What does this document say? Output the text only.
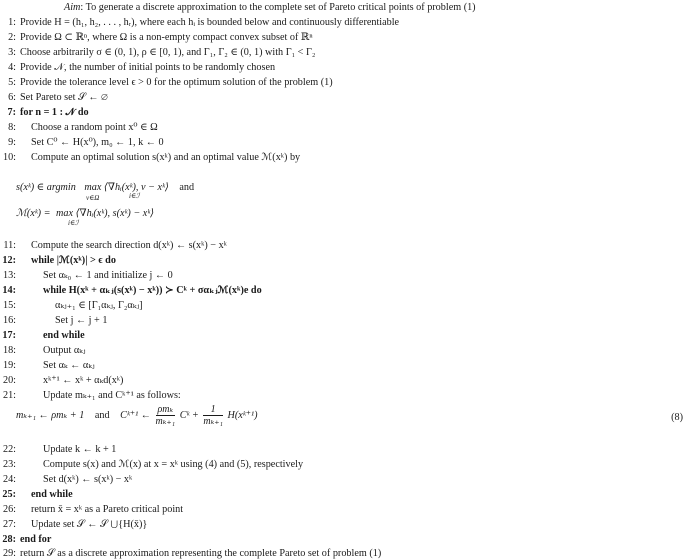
Aim: To generate a discrete approximation to the complete set of Pareto critical points of problem (1)
1: Provide H = (h₁, h₂, . . . , hᵣ), where each hᵢ is bounded below and continuously differentiable
2: Provide Ω ⊂ ℝⁿ, where Ω is a non-empty compact convex subset of ℝⁿ
3: Choose arbitrarily σ ∈ (0, 1), ρ ∈ [0, 1), and Γ₁, Γ₂ ∈ (0, 1) with Γ₁ < Γ₂
4: Provide 𝒩, the number of initial points to be randomly chosen
5: Provide the tolerance level ϵ > 0 for the optimum solution of the problem (1)
6: Set Pareto set 𝒮 ← ∅
7: for n = 1 : 𝒩 do
8: Choose a random point x⁰ ∈ Ω
9: Set C⁰ ← H(x⁰), m₀ ← 1, k ← 0
10: Compute an optimal solution s(xᵏ) and an optimal value ℳ(xᵏ) by
s(xᵏ) ∈ argmin
v∈Ω
max
i∈ℐ
⟨∇hᵢ(xᵏ), v − xᵏ⟩ and
ℳ(xᵏ) = max
i∈ℐ
⟨∇hᵢ(xᵏ), s(xᵏ) − xᵏ⟩
11: Compute the search direction d(xᵏ) ← s(xᵏ) − xᵏ
12: while |ℳ(xᵏ)| > ϵ do
13:	Set αₖ₀ ← 1 and initialize j ← 0
14:	while H(xᵏ + αₖⱼ(s(xᵏ) − xᵏ)) ≻ Cᵏ + σαₖⱼℳ(xᵏ)e do
15:	αₖⱼ₊₁ ∈ [Γ₁αₖⱼ, Γ₂αₖⱼ]
16:	Set j ← j + 1
17:	end while
18:	Output αₖⱼ
19:	Set αₖ ← αₖⱼ
20:	xᵏ⁺¹ ← xᵏ + αₖd(xᵏ)
21:	Update mₖ₊₁ and Cᵏ⁺¹ as follows:
mₖ₊₁ ← ρmₖ + 1 and Cᵏ⁺¹ ← $\frac{\text{ρmₖ}}{\text{mₖ₊₁}}$ Cᵏ + $\frac{1}{\text{mₖ₊₁}}$ H(xᵏ⁺¹)	(8)
22:	Update k ← k + 1
23:	Compute s(x) and ℳ(x) at x = xᵏ using (4) and (5), respectively
24:	Set d(xᵏ) ← s(xᵏ) − xᵏ
25: end while
26: return x̄ = xᵏ as a Pareto critical point
27: Update set 𝒮 ← 𝒮 ⋃{H(x̄)}
28: end for
29: return 𝒮 as a discrete approximation representing the complete Pareto set of problem (1)
